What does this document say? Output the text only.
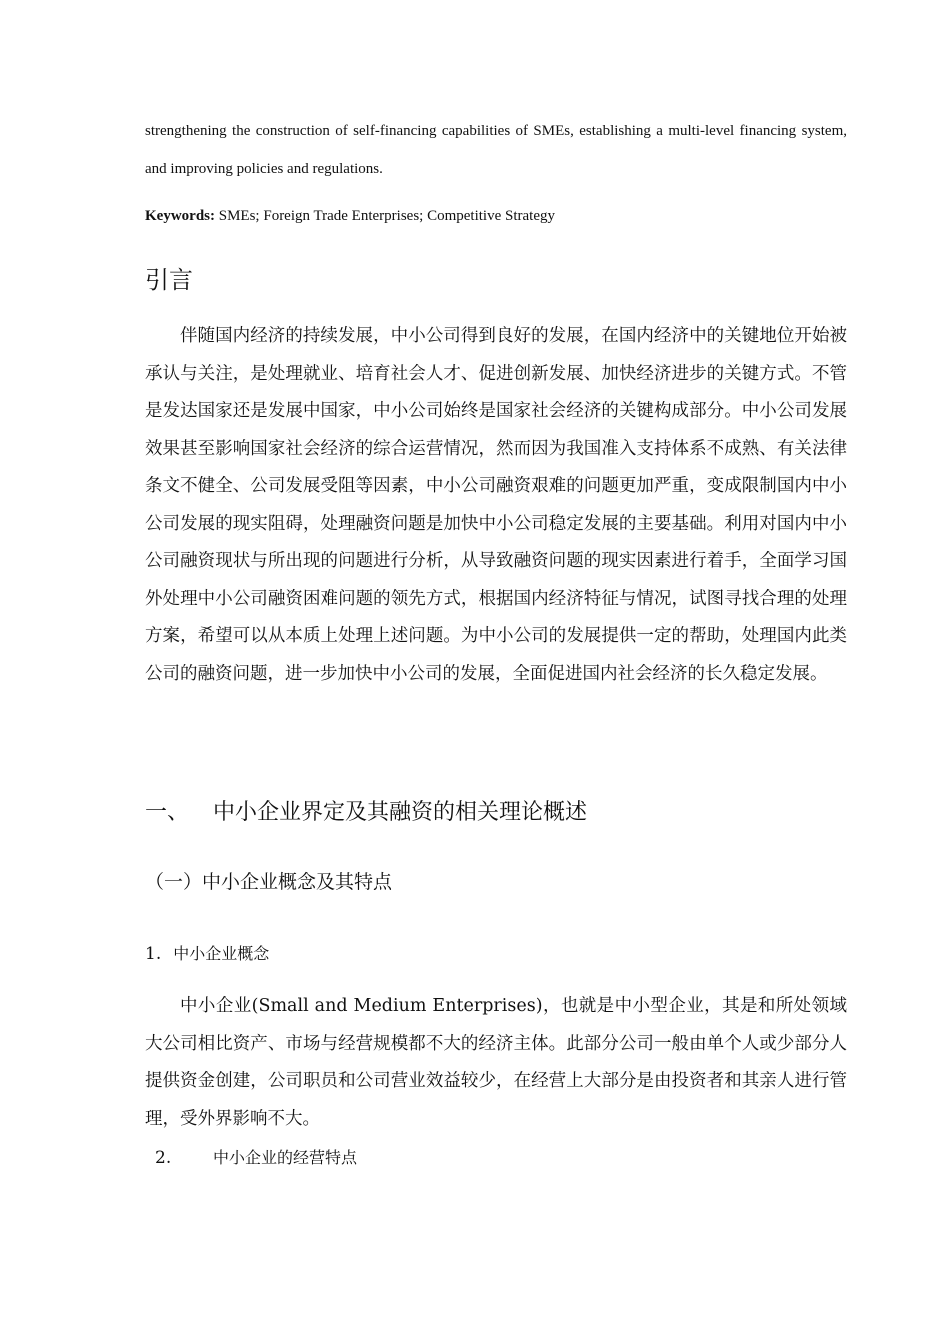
strengthening the construction of self-financing capabilities of SMEs, establishing a multi-level financing system, and improving policies and regulations.

Keywords: SMEs; Foreign Trade Enterprises; Competitive Strategy

引言

伴随国内经济的持续发展，中小公司得到良好的发展，在国内经济中的关键地位开始被承认与关注，是处理就业、培育社会人才、促进创新发展、加快经济进步的关键方式。不管是发达国家还是发展中国家，中小公司始终是国家社会经济的关键构成部分。中小公司发展效果甚至影响国家社会经济的综合运营情况，然而因为我国准入支持体系不成熟、有关法律条文不健全、公司发展受阻等因素，中小公司融资艰难的问题更加严重，变成限制国内中小公司发展的现实阻碍，处理融资问题是加快中小公司稳定发展的主要基础。利用对国内中小公司融资现状与所出现的问题进行分析，从导致融资问题的现实因素进行着手，全面学习国外处理中小公司融资困难问题的领先方式，根据国内经济特征与情况，试图寻找合理的处理方案，希望可以从本质上处理上述问题。为中小公司的发展提供一定的帮助，处理国内此类公司的融资问题，进一步加快中小公司的发展，全面促进国内社会经济的长久稳定发展。

一、 中小企业界定及其融资的相关理论概述
（一）中小企业概念及其特点
1. 中小企业概念

中小企业(Small and Medium Enterprises)，也就是中小型企业，其是和所处领域大公司相比资产、市场与经营规模都不大的经济主体。此部分公司一般由单个人或少部分人提供资金创建，公司职员和公司营业效益较少，在经营上大部分是由投资者和其亲人进行管理，受外界影响不大。

2.	中小企业的经营特点
